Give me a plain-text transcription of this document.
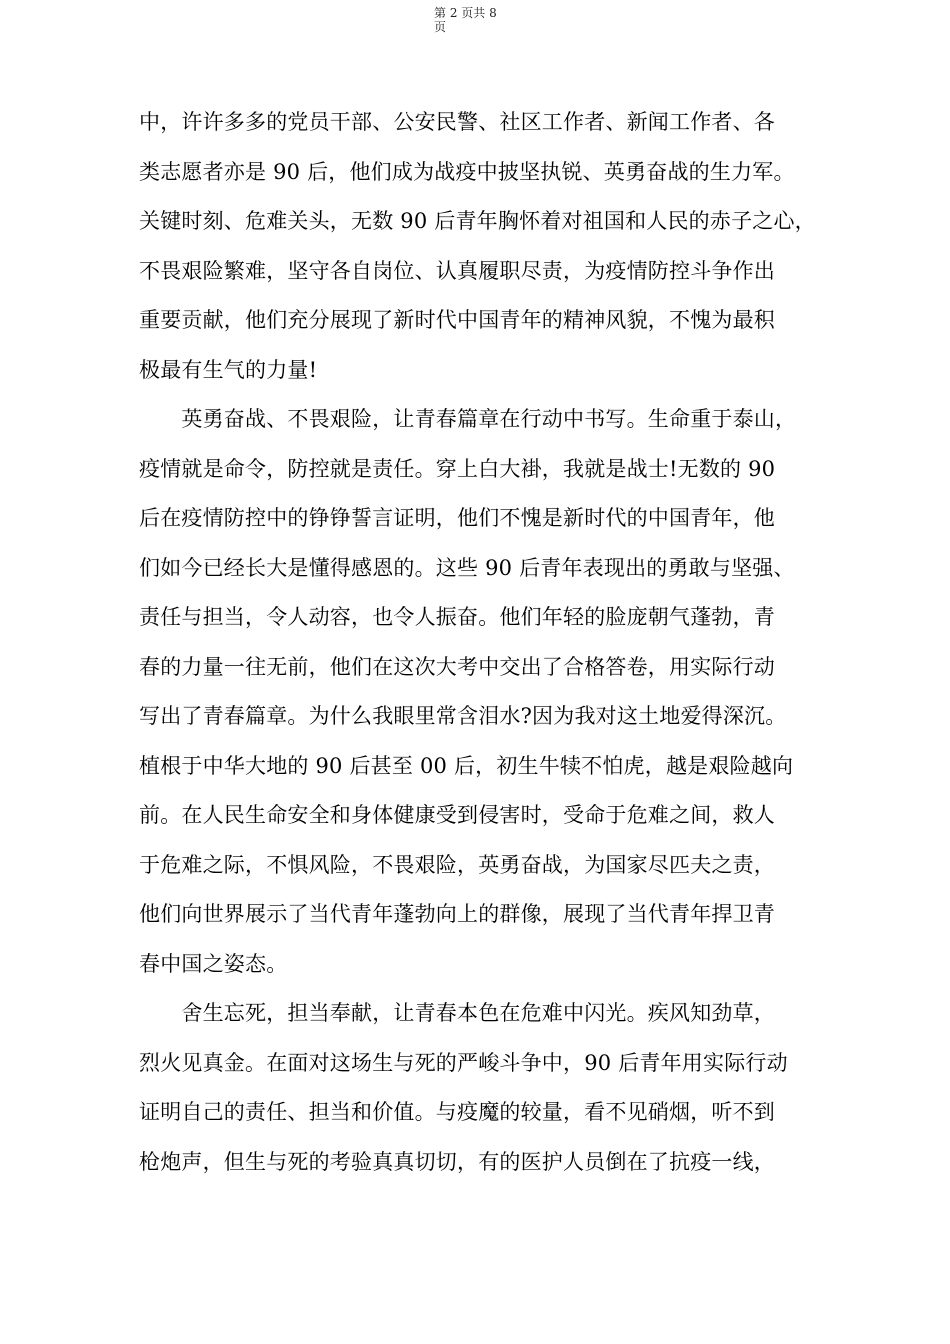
第 2 页共 8
页
中，许许多多的党员干部、公安民警、社区工作者、新闻工作者、各
类志愿者亦是 90 后，他们成为战疫中披坚执锐、英勇奋战的生力军。
关键时刻、危难关头，无数 90 后青年胸怀着对祖国和人民的赤子之心，
不畏艰险繁难，坚守各自岗位、认真履职尽责，为疫情防控斗争作出
重要贡献，他们充分展现了新时代中国青年的精神风貌，不愧为最积
极最有生气的力量!
　　英勇奋战、不畏艰险，让青春篇章在行动中书写。生命重于泰山，
疫情就是命令，防控就是责任。穿上白大褂，我就是战士!无数的 90
后在疫情防控中的铮铮誓言证明，他们不愧是新时代的中国青年，他
们如今已经长大是懂得感恩的。这些 90 后青年表现出的勇敢与坚强、
责任与担当，令人动容，也令人振奋。他们年轻的脸庞朝气蓬勃，青
春的力量一往无前，他们在这次大考中交出了合格答卷，用实际行动
写出了青春篇章。为什么我眼里常含泪水?因为我对这土地爱得深沉。
植根于中华大地的 90 后甚至 00 后，初生牛犊不怕虎，越是艰险越向
前。在人民生命安全和身体健康受到侵害时，受命于危难之间，救人
于危难之际，不惧风险，不畏艰险，英勇奋战，为国家尽匹夫之责，
他们向世界展示了当代青年蓬勃向上的群像，展现了当代青年捍卫青
春中国之姿态。
　　舍生忘死，担当奉献，让青春本色在危难中闪光。疾风知劲草，
烈火见真金。在面对这场生与死的严峻斗争中，90 后青年用实际行动
证明自己的责任、担当和价值。与疫魔的较量，看不见硝烟，听不到
枪炮声，但生与死的考验真真切切，有的医护人员倒在了抗疫一线，
